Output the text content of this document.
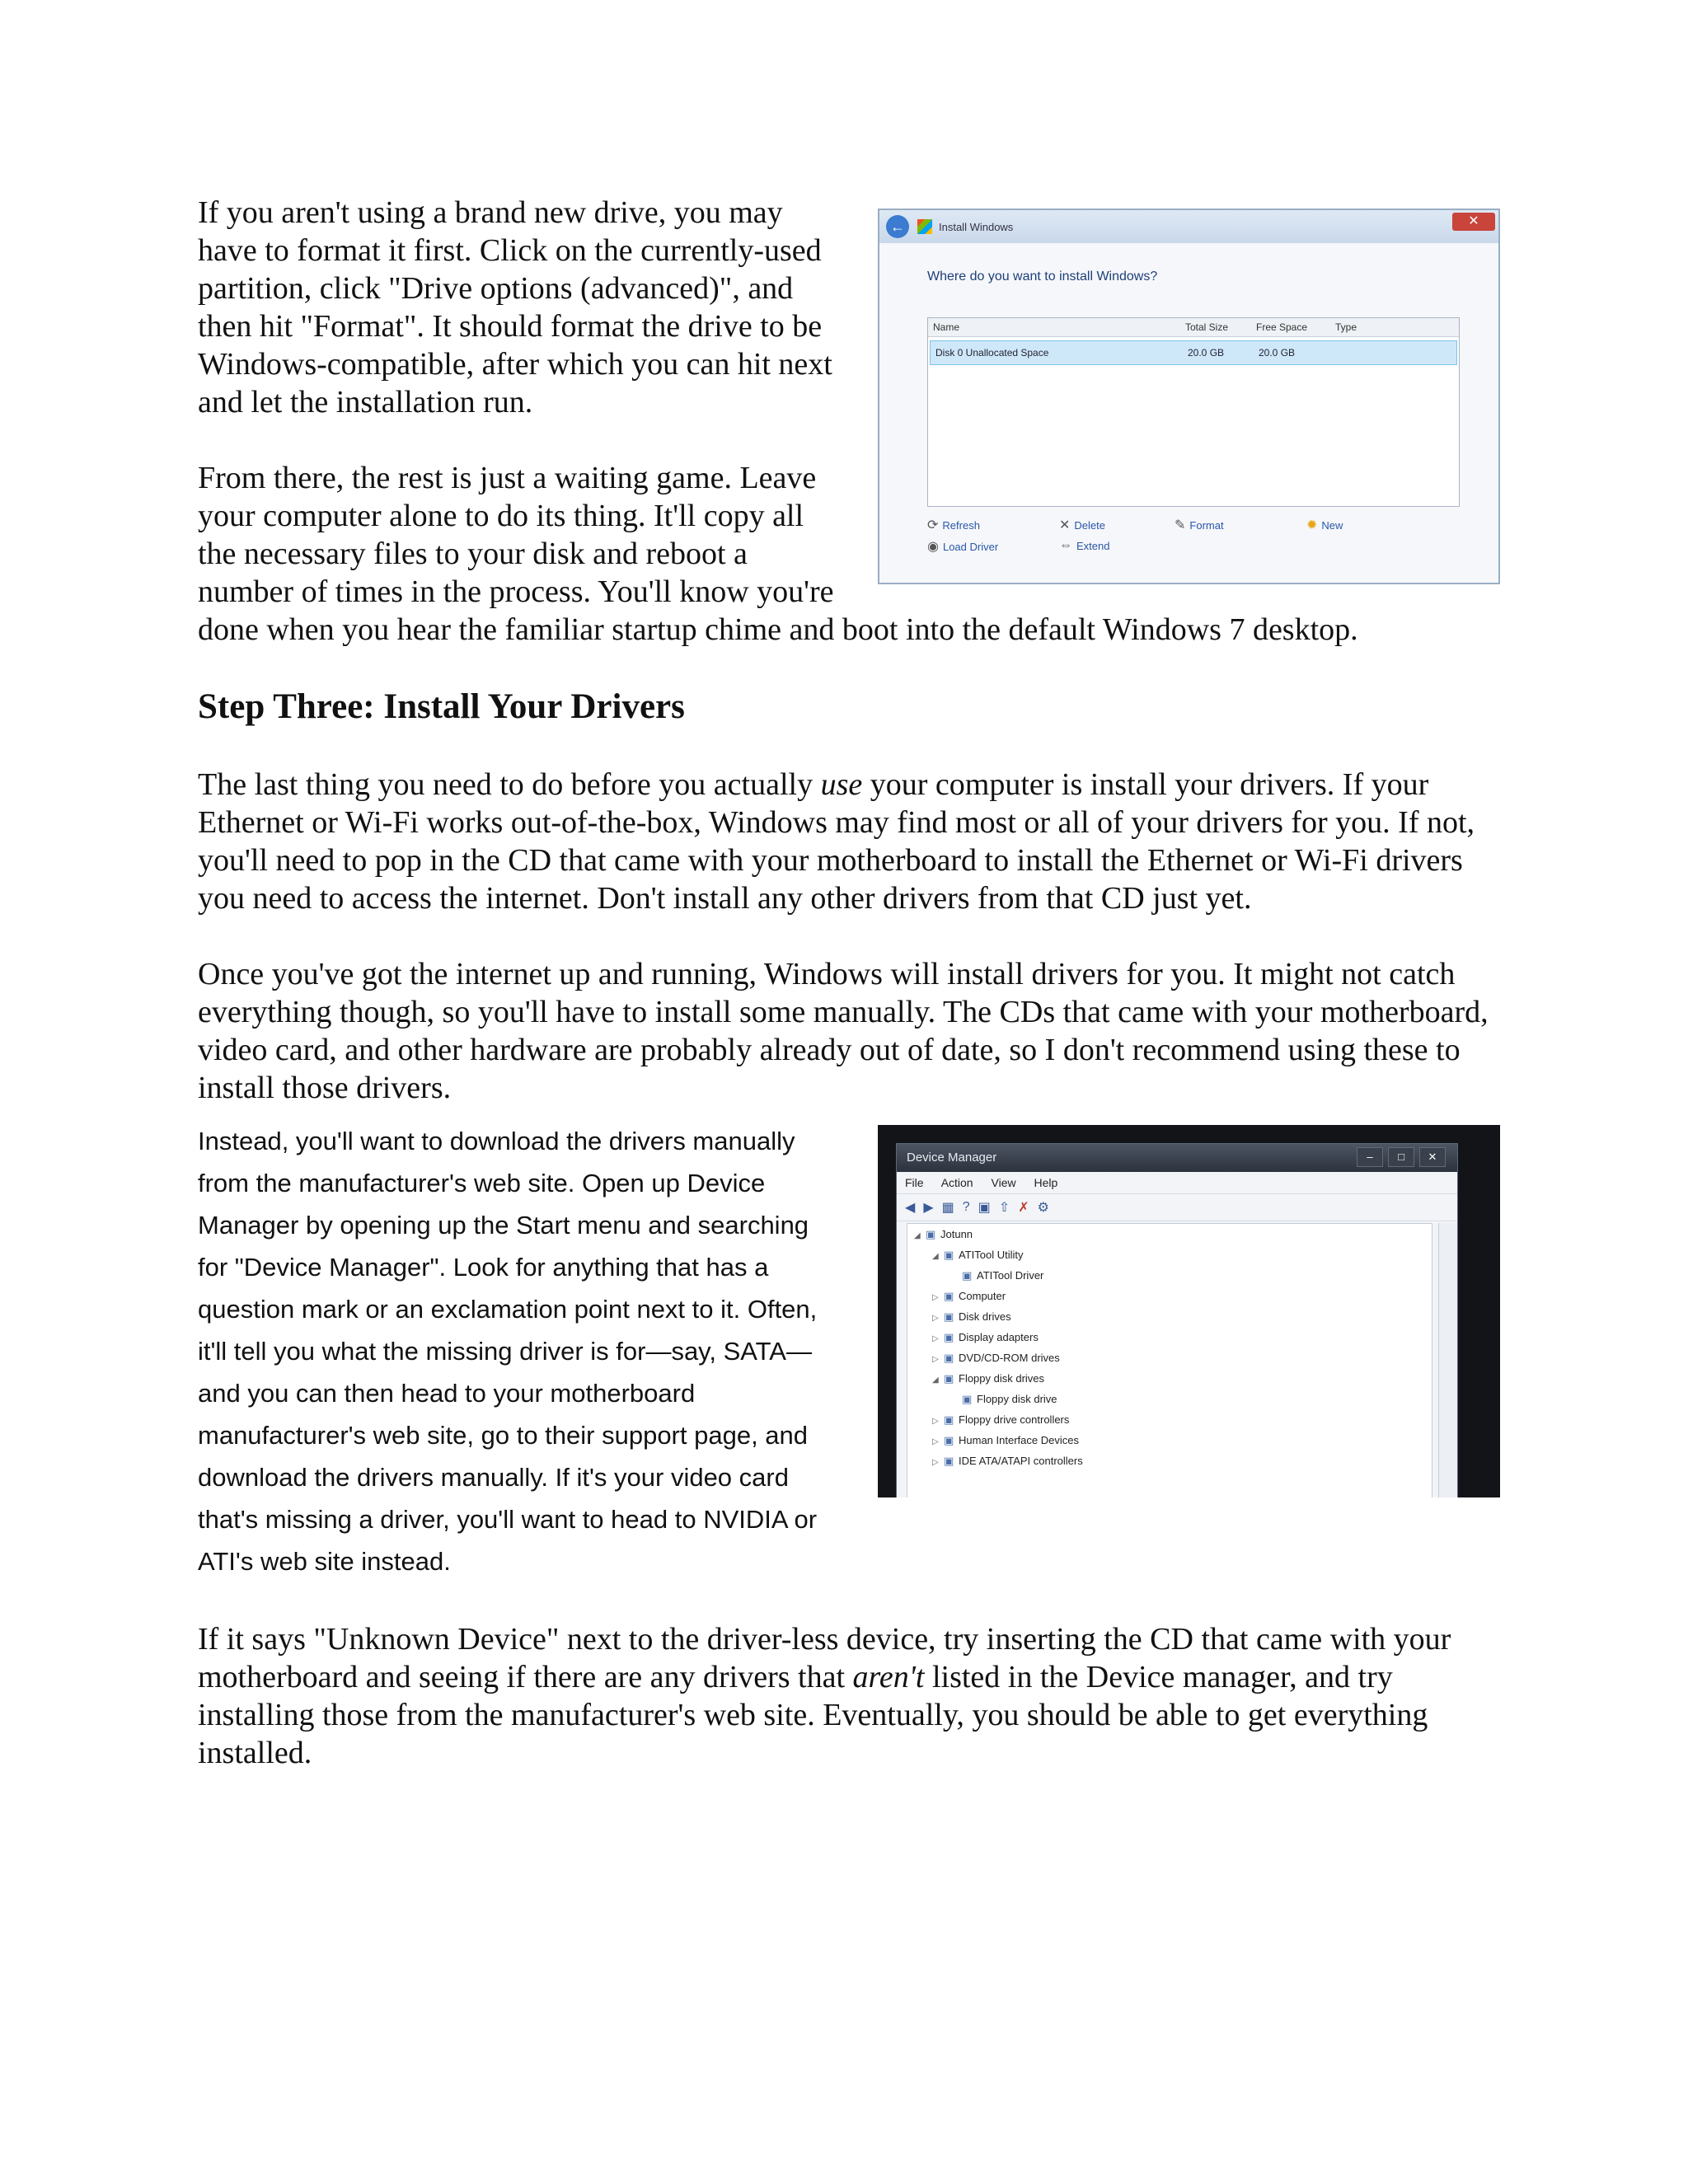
←	Install Windows	✕
Where do you want to install Windows?
Name	Total Size	Free Space	Type
Disk 0 Unallocated Space	20.0 GB	20.0 GB
⟳ Refresh	✕ Delete	✎ Format	✹ New
◉ Load Driver	⇔ Extend

If you aren't using a brand new drive, you may have to format it first. Click on the currently-used partition, click "Drive options (advanced)", and then hit "Format". It should format the drive to be Windows-compatible, after which you can hit next and let the installation run.

From there, the rest is just a waiting game. Leave your computer alone to do its thing. It'll copy all the necessary files to your disk and reboot a number of times in the process. You'll know you're done when you hear the familiar startup chime and boot into the default Windows 7 desktop.

Step Three: Install Your Drivers

The last thing you need to do before you actually use your computer is install your drivers. If your Ethernet or Wi-Fi works out-of-the-box, Windows may find most or all of your drivers for you. If not, you'll need to pop in the CD that came with your motherboard to install the Ethernet or Wi-Fi drivers you need to access the internet. Don't install any other drivers from that CD just yet.

Once you've got the internet up and running, Windows will install drivers for you. It might not catch everything though, so you'll have to install some manually. The CDs that came with your motherboard, video card, and other hardware are probably already out of date, so I don't recommend using these to install those drivers.

Device Manager	–	□	✕
File Action View Help
◀ ▶ ▦ ? ▣ ⇧ ✗ ⚙
◢ ▣ Jotunn
◢ ▣ ATITool Utility
▣ ATITool Driver
▷ ▣ Computer
▷ ▣ Disk drives
▷ ▣ Display adapters
▷ ▣ DVD/CD-ROM drives
◢ ▣ Floppy disk drives
▣ Floppy disk drive
▷ ▣ Floppy drive controllers
▷ ▣ Human Interface Devices
▷ ▣ IDE ATA/ATAPI controllers

Instead, you'll want to download the drivers manually from the manufacturer's web site. Open up Device Manager by opening up the Start menu and searching for "Device Manager". Look for anything that has a question mark or an exclamation point next to it. Often, it'll tell you what the missing driver is for—say, SATA—and you can then head to your motherboard manufacturer's web site, go to their support page, and download the drivers manually. If it's your video card that's missing a driver, you'll want to head to NVIDIA or ATI's web site instead.

If it says "Unknown Device" next to the driver-less device, try inserting the CD that came with your motherboard and seeing if there are any drivers that aren't listed in the Device manager, and try installing those from the manufacturer's web site. Eventually, you should be able to get everything installed.
